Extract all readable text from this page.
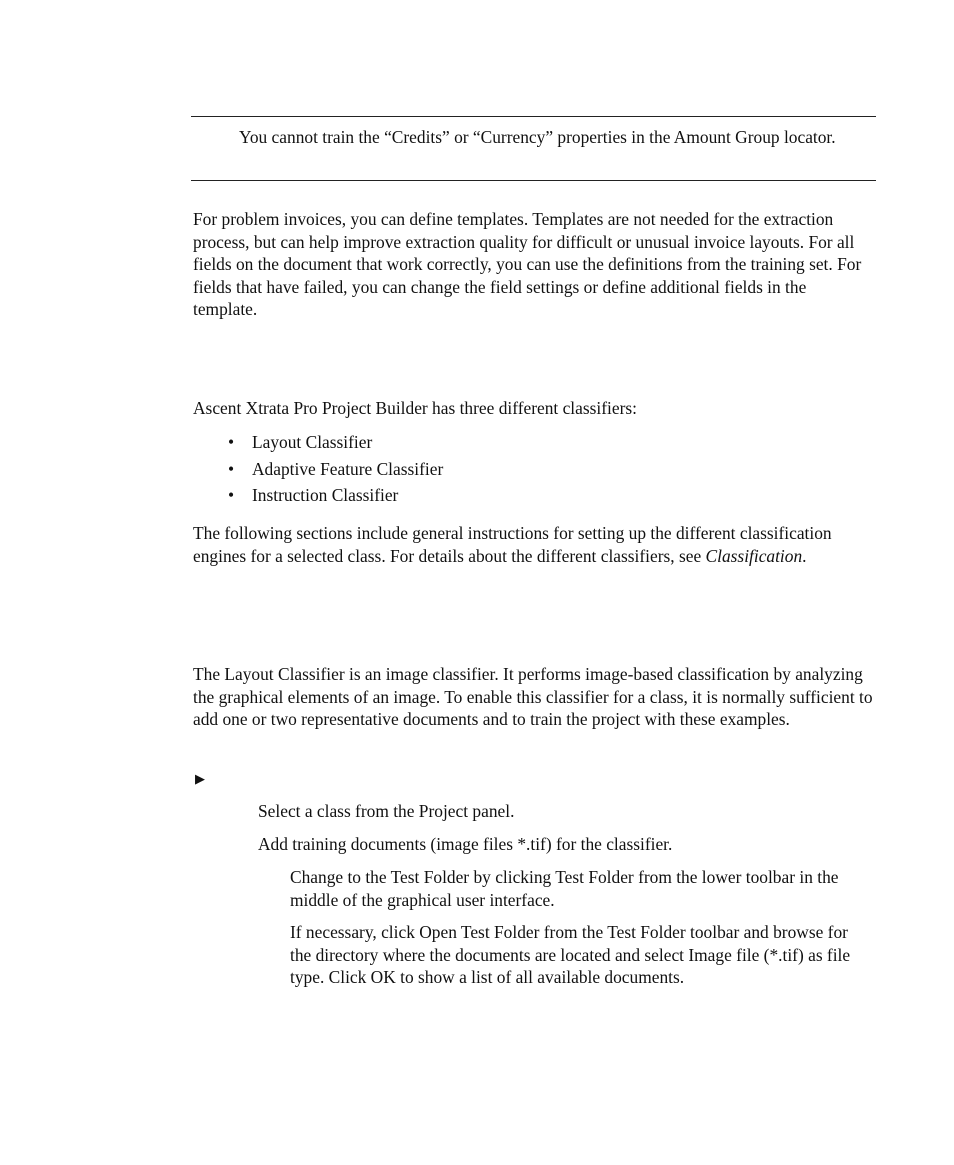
You cannot train the “Credits” or “Currency” properties in the Amount Group locator.
For problem invoices, you can define templates. Templates are not needed for the extraction process, but can help improve extraction quality for difficult or unusual invoice layouts. For all fields on the document that work correctly, you can use the definitions from the training set. For fields that have failed, you can change the field settings or define additional fields in the template.
Ascent Xtrata Pro Project Builder has three different classifiers:
• Layout Classifier
• Adaptive Feature Classifier
• Instruction Classifier
The following sections include general instructions for setting up the different classification engines for a selected class. For details about the different classifiers, see Classification.
The Layout Classifier is an image classifier. It performs image-based classification by analyzing the graphical elements of an image. To enable this classifier for a class, it is normally sufficient to add one or two representative documents and to train the project with these examples.
▶
Select a class from the Project panel.
Add training documents (image files *.tif) for the classifier.
Change to the Test Folder by clicking Test Folder from the lower toolbar in the middle of the graphical user interface.
If necessary, click Open Test Folder from the Test Folder toolbar and browse for the directory where the documents are located and select Image file (*.tif) as file type. Click OK to show a list of all available documents.
